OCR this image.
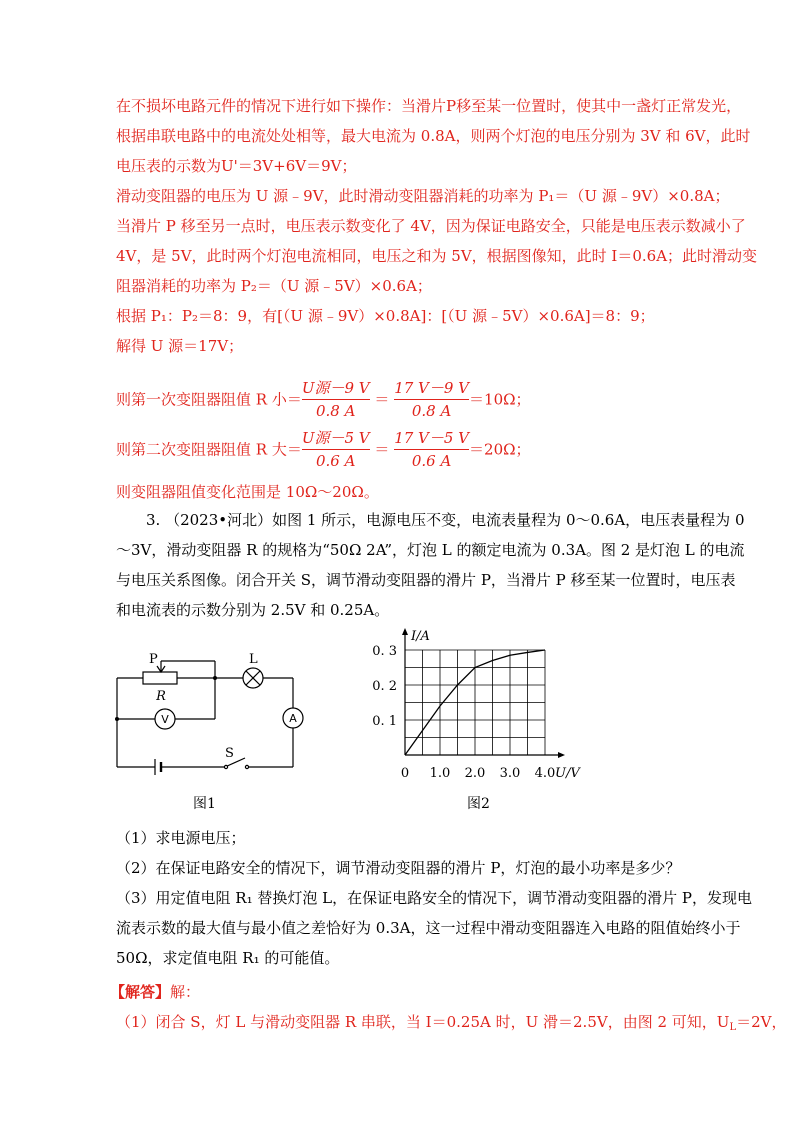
在不损坏电路元件的情况下进行如下操作：当滑片P移至某一位置时，使其中一盏灯正常发光，
根据串联电路中的电流处处相等，最大电流为 0.8A，则两个灯泡的电压分别为 3V 和 6V，此时
电压表的示数为U'＝3V+6V＝9V；
滑动变阻器的电压为 U 源﹣9V，此时滑动变阻器消耗的功率为 P₁＝（U 源﹣9V）×0.8A；
当滑片 P 移至另一点时，电压表示数变化了 4V，因为保证电路安全，只能是电压表示数减小了
4V，是 5V，此时两个灯泡电流相同，电压之和为 5V，根据图像知，此时 I＝0.6A；此时滑动变
阻器消耗的功率为 P₂＝（U 源﹣5V）×0.6A；
根据 P₁：P₂＝8：9，有[（U 源﹣9V）×0.8A]：[（U 源﹣5V）×0.6A]＝8：9；
解得 U 源＝17V；
则第一次变阻器阻值 R 小＝ $\frac{\text{U源－9 V}}{0.8 A} = \frac{17 V-9 V}{0.8 A} =10\Omega$；
则第二次变阻器阻值 R 大＝ $\frac{\text{U源－5 V}}{0.6 A} = \frac{17 V-5 V}{0.6 A} =20\Omega$；
则变阻器阻值变化范围是 10Ω～20Ω。
3. （2023•河北）如图 1 所示，电源电压不变，电流表量程为 0～0.6A，电压表量程为 0
～3V，滑动变阻器 R 的规格为“50Ω 2A”，灯泡 L 的额定电流为 0.3A。图 2 是灯泡 L 的电流
与电压关系图像。闭合开关 S，调节滑动变阻器的滑片 P，当滑片 P 移至某一位置时，电压表
和电流表的示数分别为 2.5V 和 0.25A。
P
R
L
V	A
S
图1
0 1.0 2.0 3.0 4.0
0. 1
0. 2
0. 3
U/V
I/A
图2
（1）求电源电压；
（2）在保证电路安全的情况下，调节滑动变阻器的滑片 P，灯泡的最小功率是多少？
（3）用定值电阻 R₁ 替换灯泡 L，在保证电路安全的情况下，调节滑动变阻器的滑片 P，发现电
流表示数的最大值与最小值之差恰好为 0.3A，这一过程中滑动变阻器连入电路的阻值始终小于
50Ω，求定值电阻 R₁ 的可能值。
【解答】解：
（1）闭合 S，灯 L 与滑动变阻器 R 串联，当 I＝0.25A 时，U 滑＝2.5V，由图 2 可知，$U_L=2V$，
